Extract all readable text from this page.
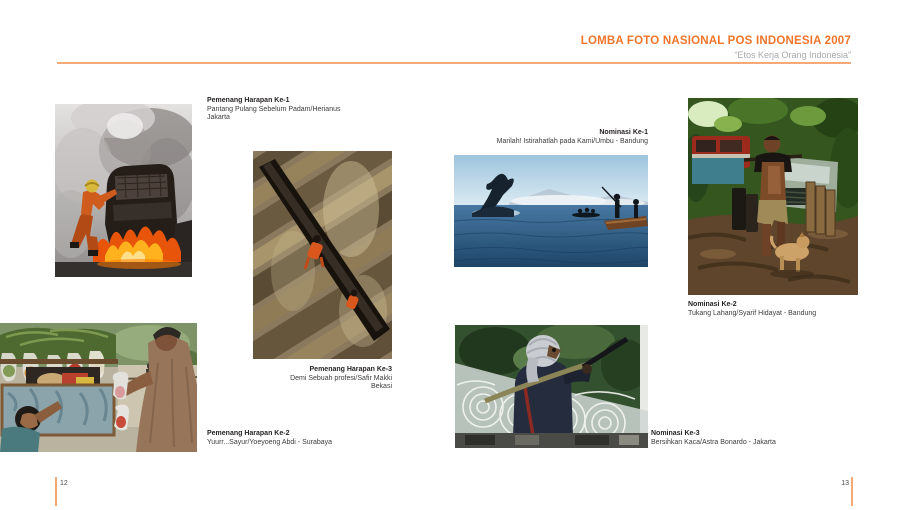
LOMBA FOTO NASIONAL POS INDONESIA 2007
“Etos Kerja Orang Indonesia”
Pemenang Harapan Ke-1
Pantang Pulang Sebelum Padam/Herianus
Jakarta
Pemenang Harapan Ke-3
Demi Sebuah profesi/Safir Makki
Bekasi
Nominasi Ke-1
Marilah! Istirahatlah pada Kami/Umbu - Bandung
Nominasi Ke-2
Tukang Lahang/Syarif Hidayat - Bandung
Pemenang Harapan Ke-2
Yuurr...Sayur/Yoeyoeng Abdi - Surabaya
Nominasi Ke-3
Bersihkan Kaca/Astra Bonardo - Jakarta
12	13
